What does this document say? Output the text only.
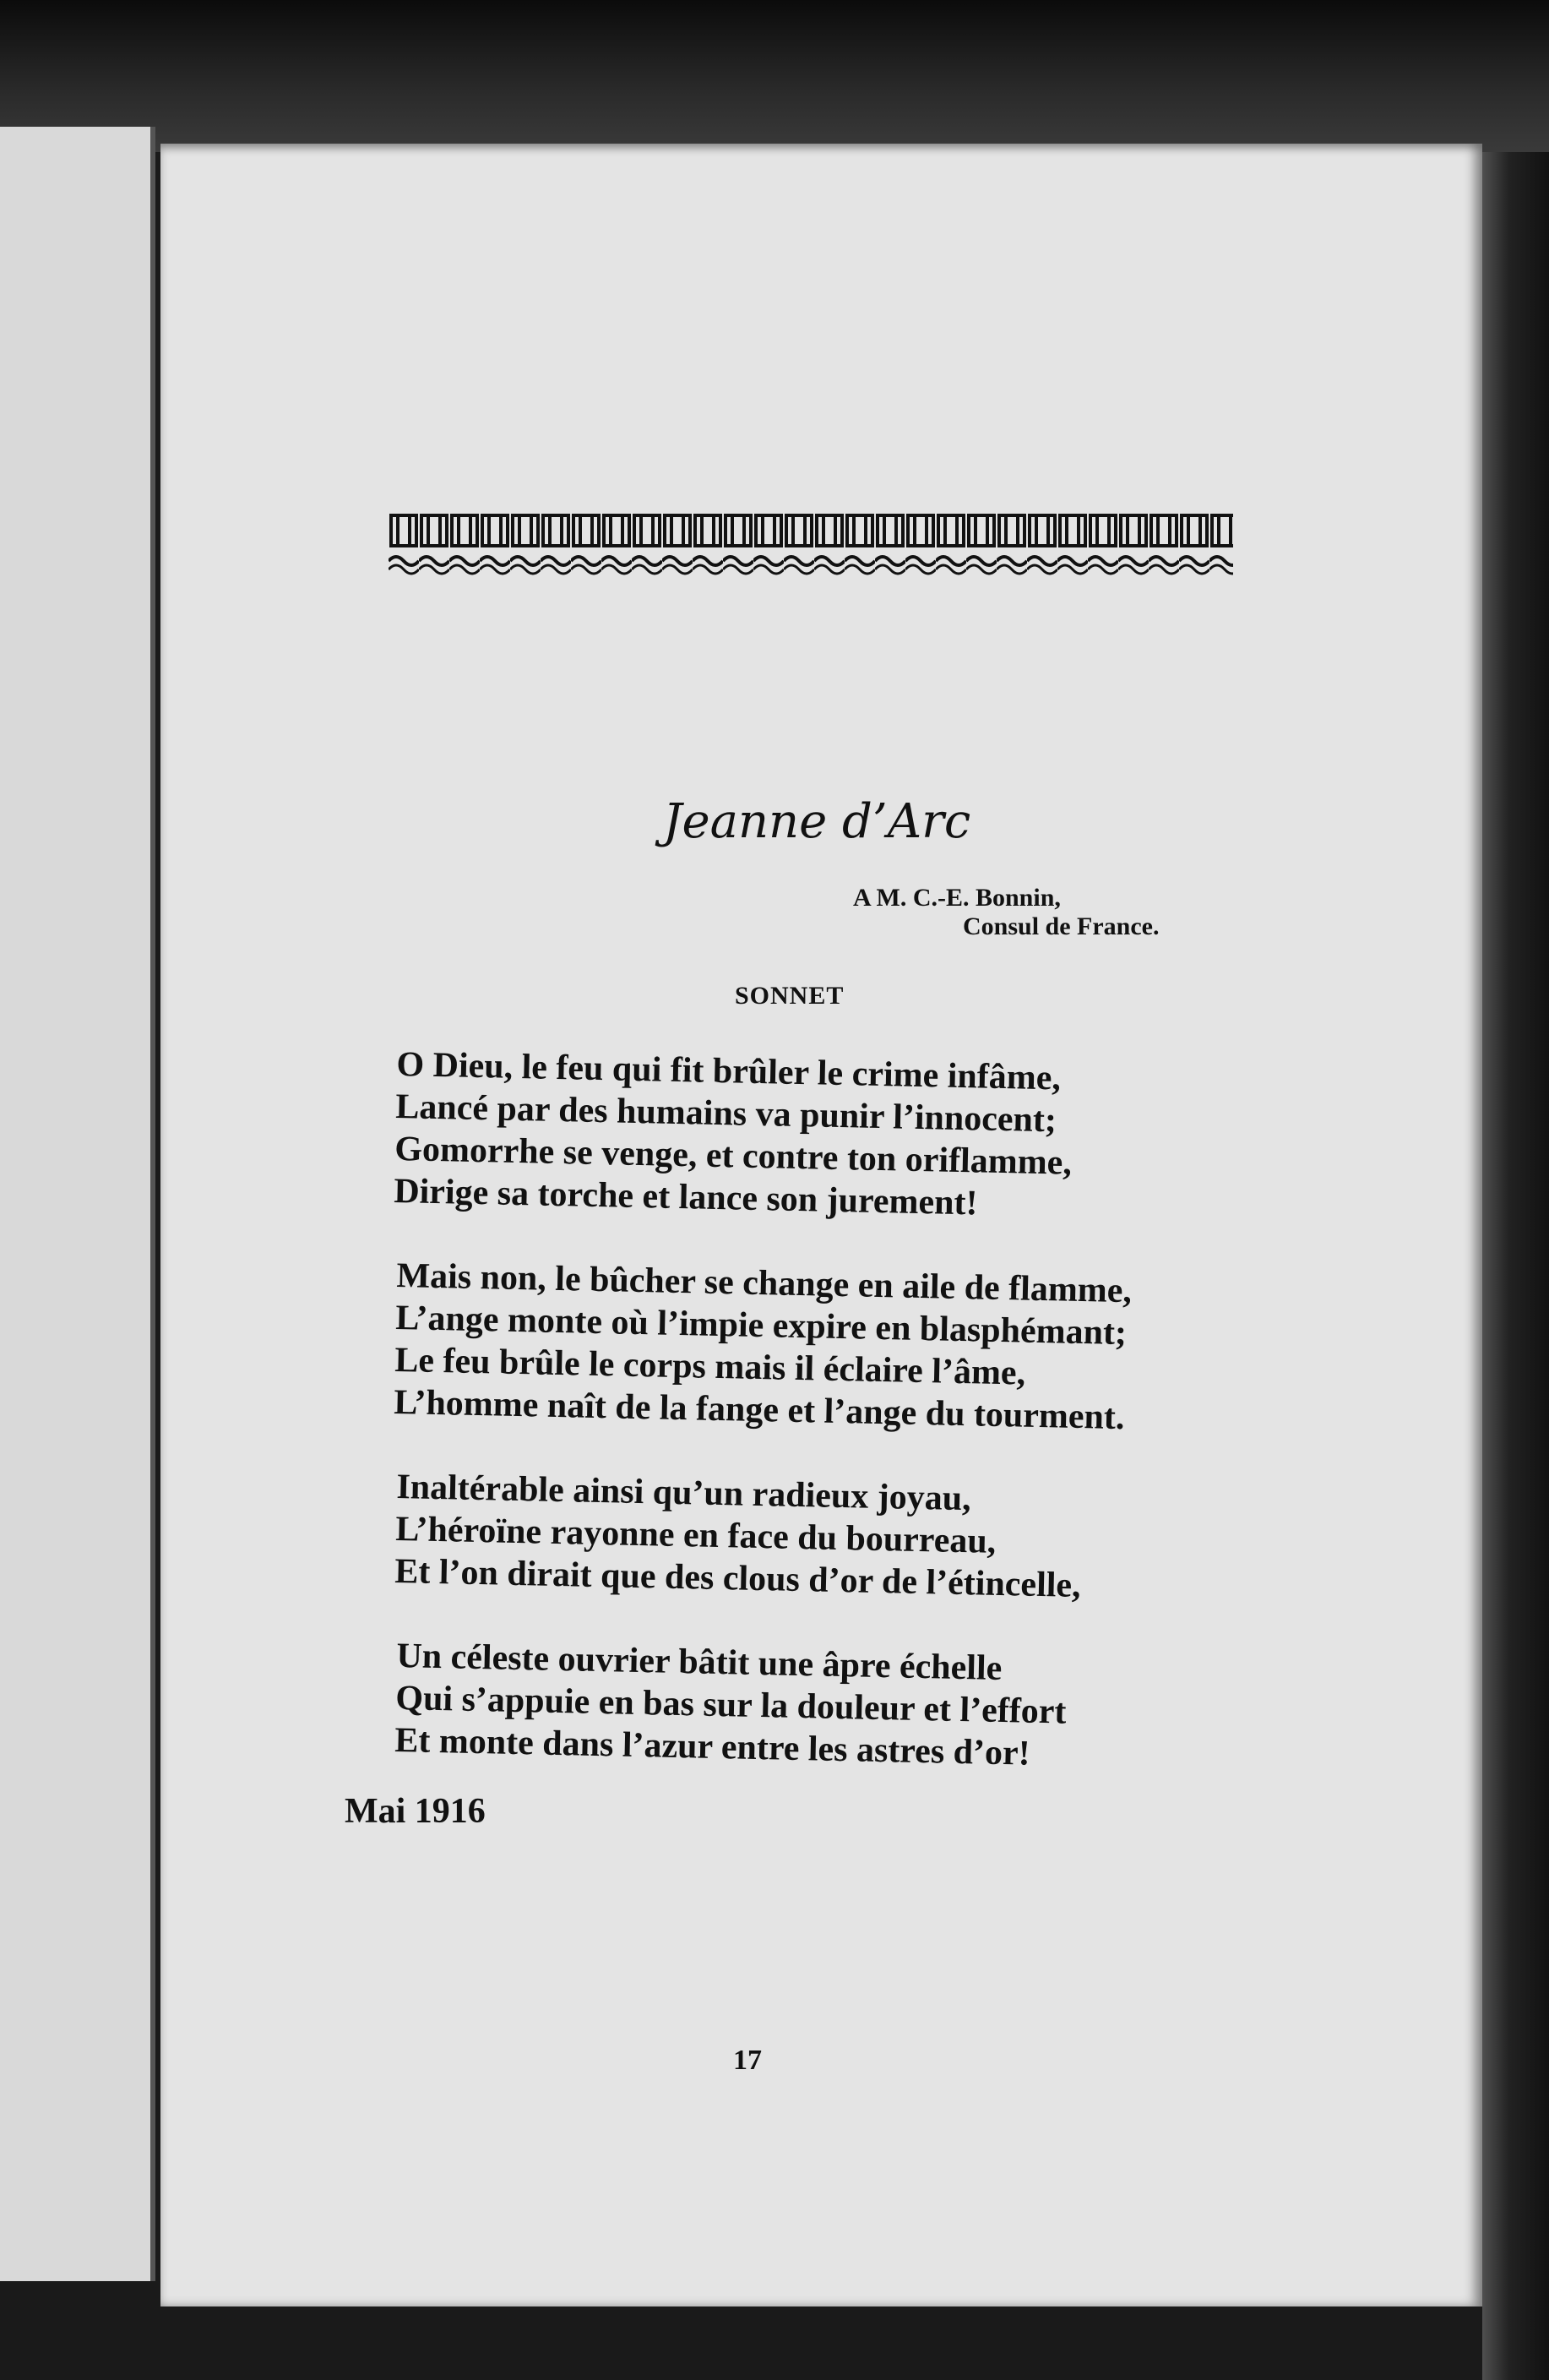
Jeanne d’Arc
A M. C.-E. Bonnin,
Consul de France.
SONNET
O Dieu, le feu qui fit brûler le crime infâme,
Lancé par des humains va punir l’innocent;
Gomorrhe se venge, et contre ton oriflamme,
Dirige sa torche et lance son jurement!
Mais non, le bûcher se change en aile de flamme,
L’ange monte où l’impie expire en blasphémant;
Le feu brûle le corps mais il éclaire l’âme,
L’homme naît de la fange et l’ange du tourment.
Inaltérable ainsi qu’un radieux joyau,
L’héroïne rayonne en face du bourreau,
Et l’on dirait que des clous d’or de l’étincelle,
Un céleste ouvrier bâtit une âpre échelle
Qui s’appuie en bas sur la douleur et l’effort
Et monte dans l’azur entre les astres d’or!
Mai 1916
17
